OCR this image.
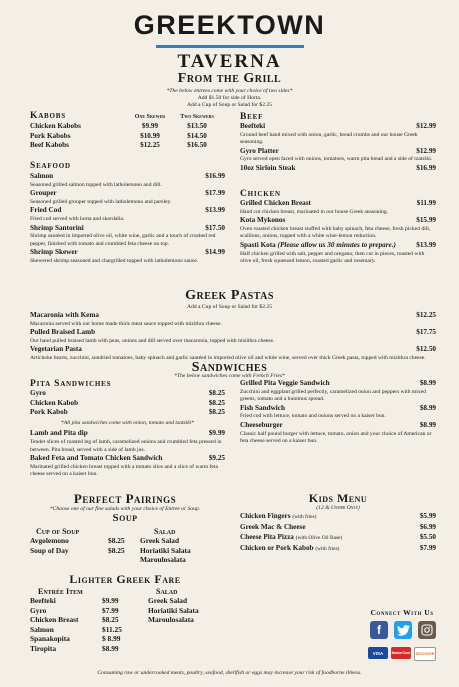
GREEKTOWN
TAVERNA
From the Grill
*The below entrees come with your choice of two sides*
Add $1.50 for side of Horta.
Add a Cup of Soup or Salad for $2.25
Kabobs	One Skewer	Two Skewers
Chicken Kabobs	$9.99	$13.50
Pork Kabobs	$10.99	$14.50
Beef Kabobs	$12.25	$16.50
Seafood
Salmon	$16.99
Seasoned grilled salmon topped with latholemono and dill.
Grouper	$17.99
Seasoned grilled grouper topped with latholemono and parsley.
Fried Cod	$13.99
Fried cod served with horta and skordalia.
Shrimp Santorini	$17.50
Shrimp sautéed in imported olive oil, white wine, garlic and a touch of crushed red pepper, finished with tomato and crumbled feta cheese on top.
Shrimp Skewer	$14.99
Skewered shrimp seasoned and chargrilled topped with latholemono sauce.
Beef
Beefteki	$12.99
Ground beef hand mixed with onion, garlic, bread crumbs and our house Greek seasoning.
Gyro Platter	$12.99
Gyro served open faced with onions, tomatoes, warm pita bread and a side of tzatziki.
10oz Sirloin Steak	$16.99
Chicken
Grilled Chicken Breast	$11.99
Hand cut chicken breast, marinated in our house Greek seasoning.
Kota Mykonos	$15.99
Oven roasted chicken breast stuffed with baby spinach, feta cheese, fresh picked dill, scallions, onions, topped with a white wine-lemon reduction.
Spasti Kota (Please allow us 30 minutes to prepare.)	$13.99
Half chicken grilled with salt, pepper and oregano; then cut in pieces, roasted with olive oil, fresh squeezed lemon, roasted garlic and rosemary.
Greek Pastas
Add a Cup of Soup or Salad for $2.25
Macaronia with Kema	$12.25
Macaronia served with our home made thick meat sauce topped with mizithra cheese.
Pulled Braised Lamb	$17.75
Our hand pulled braised lamb with peas, onions and dill served over macaronia, topped with mizithra cheese.
Vegetarian Pasta	$12.50
Artichoke hearts, zucchini, sundried tomatoes, baby spinach and garlic sautéed in imported olive oil and white wine, served over thick Greek pasta, topped with mizithra cheese.
Sandwiches
*The below sandwiches come with French Fries*
Pita Sandwiches
Gyro	$8.25
Chicken Kabob	$8.25
Pork Kabob	$8.25
*All pita sandwiches come with onion, tomato and tzatziki*
Lamb and Pita dip	$9.99
Tender slices of roasted leg of lamb, caramelized onions and crumbled feta pressed in between. Pita bread, served with a side of lamb jus.
Baked Feta and Tomato Chicken Sandwich	$9.25
Marinated grilled chicken breast topped with a tomato slice and a slice of warm feta cheese served on a kaiser bun.
Grilled Pita Veggie Sandwich	$8.99
Zucchini and eggplant grilled perfectly, caramelized onion and peppers with mixed greens, tomato and a hummus spread.
Fish Sandwich	$8.99
Fried cod with lettuce, tomato and onions served on a kaiser bun.
Cheeseburger	$8.99
Classic half pound burger with lettuce, tomato, onion and your choice of American or feta cheese served on a kaiser bun.
Perfect Pairings
*Choose one of our fine salads with your choice of Entree or Soup.
Soup
Cup of Soup	Salad
Avgolemono	$8.25	Greek Salad
Soup of Day	$8.25	Horiatiki Salata
Maroulosalata
Lighter Greek Fare
Entrée Item	Salad
Beefteki	$9.99	Greek Salad
Gyro	$7.99	Horiatiki Salata
Chicken Breast	$8.25	Maroulosalata
Salmon	$11.25
Spanakopita	$ 8.99
Tiropita	$8.99
Kids Menu
(12 & Under Only)
Chicken Fingers (with fries)	$5.99
Greek Mac & Cheese	$6.99
Cheese Pita Pizza (with Olive Oil Base)	$5.50
Chicken or Pork Kabob (with fries)	$7.99
Connect With Us
f
VISA	MasterCard	DISCOVER
Consuming raw or undercooked meats, poultry, seafood, shellfish or eggs may increase your risk of foodborne illness.
